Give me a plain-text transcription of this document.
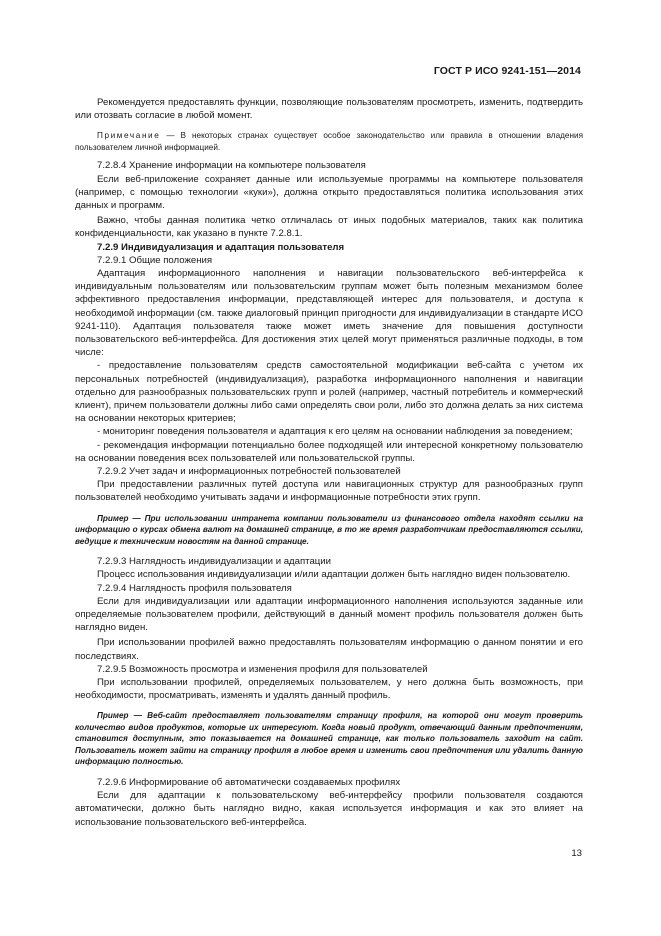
ГОСТ Р ИСО 9241-151—2014

Рекомендуется предоставлять функции, позволяющие пользователям просмотреть, изменить, подтвердить или отозвать согласие в любой момент.

Примечание — В некоторых странах существует особое законодательство или правила в отношении владения пользователем личной информацией.

7.2.8.4 Хранение информации на компьютере пользователя

Если веб-приложение сохраняет данные или используемые программы на компьютере пользователя (например, с помощью технологии «куки»), должна открыто предоставляться политика использования этих данных и программ.

Важно, чтобы данная политика четко отличалась от иных подобных материалов, таких как политика конфиденциальности, как указано в пункте 7.2.8.1.

7.2.9 Индивидуализация и адаптация пользователя

7.2.9.1 Общие положения

Адаптация информационного наполнения и навигации пользовательского веб-интерфейса к индивидуальным пользователям или пользовательским группам может быть полезным механизмом более эффективного предоставления информации, представляющей интерес для пользователя, и доступа к необходимой информации (см. также диалоговый принцип пригодности для индивидуализации в стандарте ИСО 9241-110). Адаптация пользователя также может иметь значение для повышения доступности пользовательского веб-интерфейса. Для достижения этих целей могут применяться различные подходы, в том числе:

- предоставление пользователям средств самостоятельной модификации веб-сайта с учетом их персональных потребностей (индивидуализация), разработка информационного наполнения и навигации отдельно для разнообразных пользовательских групп и ролей (например, частный потребитель и коммерческий клиент), причем пользователи должны либо сами определять свои роли, либо это должна делать за них система на основании некоторых критериев;

- мониторинг поведения пользователя и адаптация к его целям на основании наблюдения за поведением;

- рекомендация информации потенциально более подходящей или интересной конкретному пользователю на основании поведения всех пользователей или пользовательской группы.

7.2.9.2 Учет задач и информационных потребностей пользователей

При предоставлении различных путей доступа или навигационных структур для разнообразных групп пользователей необходимо учитывать задачи и информационные потребности этих групп.

Пример — При использовании интранета компании пользователи из финансового отдела находят ссылки на информацию о курсах обмена валют на домашней странице, в то же время разработчикам предоставляются ссылки, ведущие к техническим новостям на данной странице.

7.2.9.3 Наглядность индивидуализации и адаптации

Процесс использования индивидуализации и/или адаптации должен быть наглядно виден пользователю.

7.2.9.4 Наглядность профиля пользователя

Если для индивидуализации или адаптации информационного наполнения используются заданные или определяемые пользователем профили, действующий в данный момент профиль пользователя должен быть наглядно виден.

При использовании профилей важно предоставлять пользователям информацию о данном понятии и его последствиях.

7.2.9.5 Возможность просмотра и изменения профиля для пользователей

При использовании профилей, определяемых пользователем, у него должна быть возможность, при необходимости, просматривать, изменять и удалять данный профиль.

Пример — Веб-сайт предоставляет пользователям страницу профиля, на которой они могут проверить количество видов продуктов, которые их интересуют. Когда новый продукт, отвечающий данным предпочтениям, становится доступным, это показывается на домашней странице, как только пользователь заходит на сайт. Пользователь может зайти на страницу профиля в любое время и изменить свои предпочтения или удалить данную информацию полностью.

7.2.9.6 Информирование об автоматически создаваемых профилях

Если для адаптации к пользовательскому веб-интерфейсу профили пользователя создаются автоматически, должно быть наглядно видно, какая используется информация и как это влияет на использование пользовательского веб-интерфейса.

13
